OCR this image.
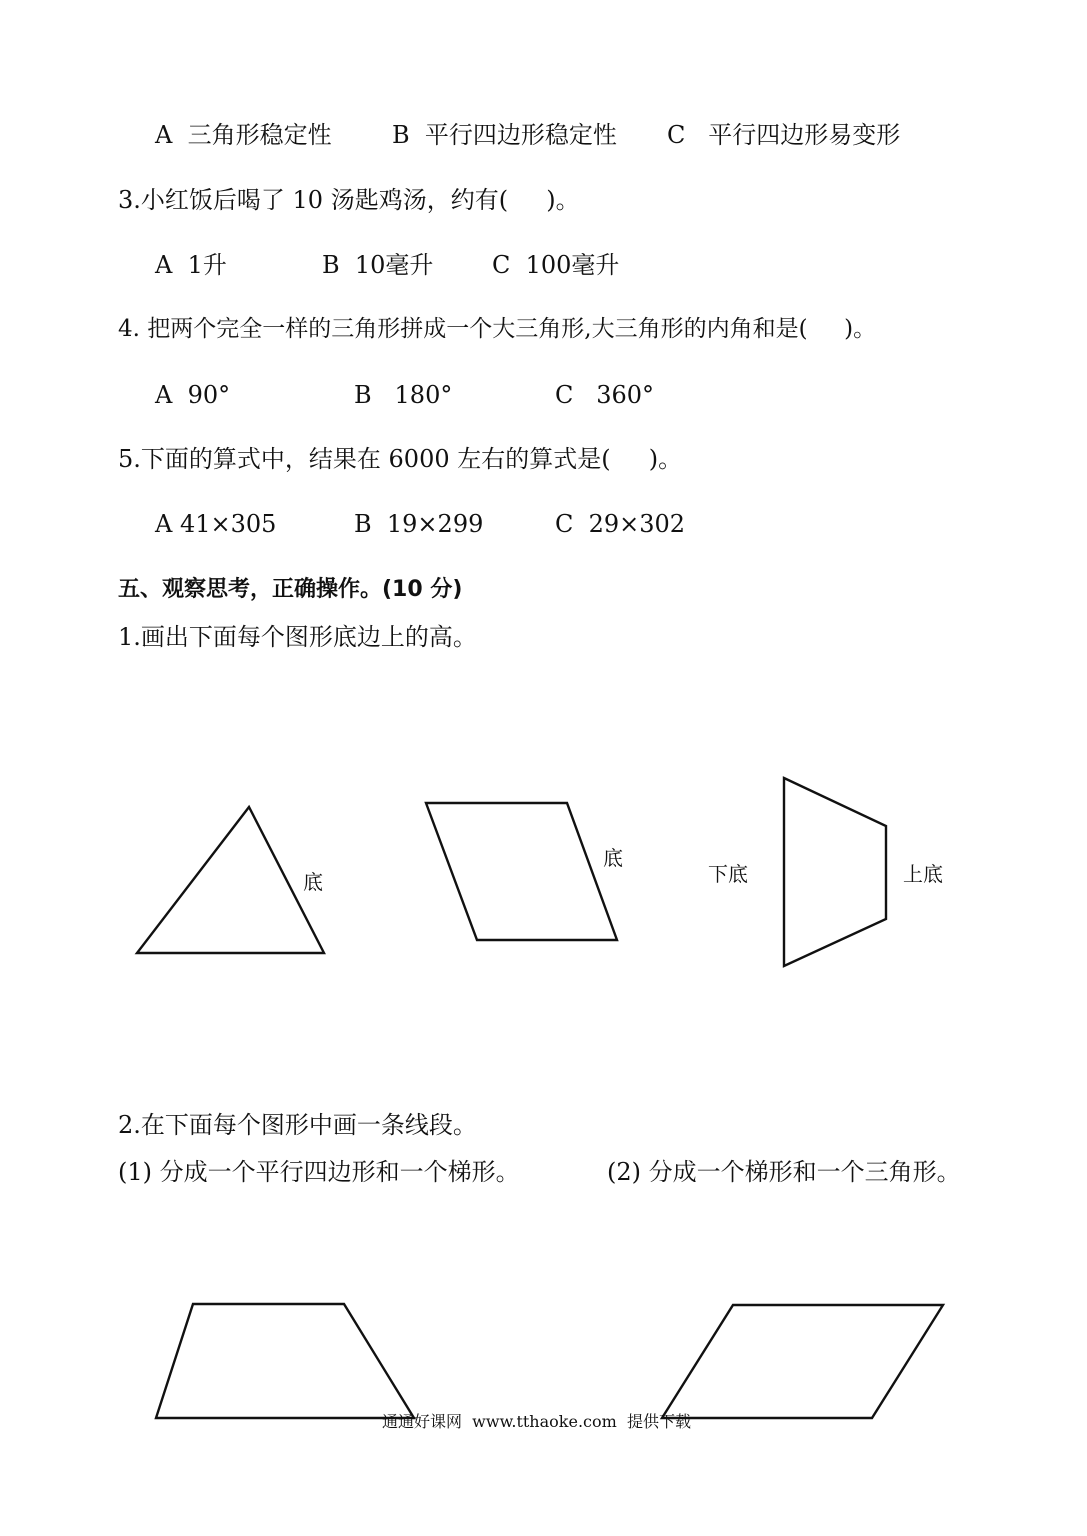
A  三角形稳定性	B  平行四边形稳定性 C   平行四边形易变形
3.小红饭后喝了 10 汤匙鸡汤，约有(     )。
A  1升	B  10毫升 C  100毫升
4. 把两个完全一样的三角形拼成一个大三角形,大三角形的内角和是(     )。
A  90°	B   180°	C   360°
5.下面的算式中，结果在 6000 左右的算式是(     )。
A 41×305	B  19×299	C  29×302
五、观察思考，正确操作。(10 分)
1.画出下面每个图形底边上的高。
底
底
下底	上底
2.在下面每个图形中画一条线段。
(1) 分成一个平行四边形和一个梯形。	(2) 分成一个梯形和一个三角形。
通通好课网  www.tthaoke.com  提供下载
